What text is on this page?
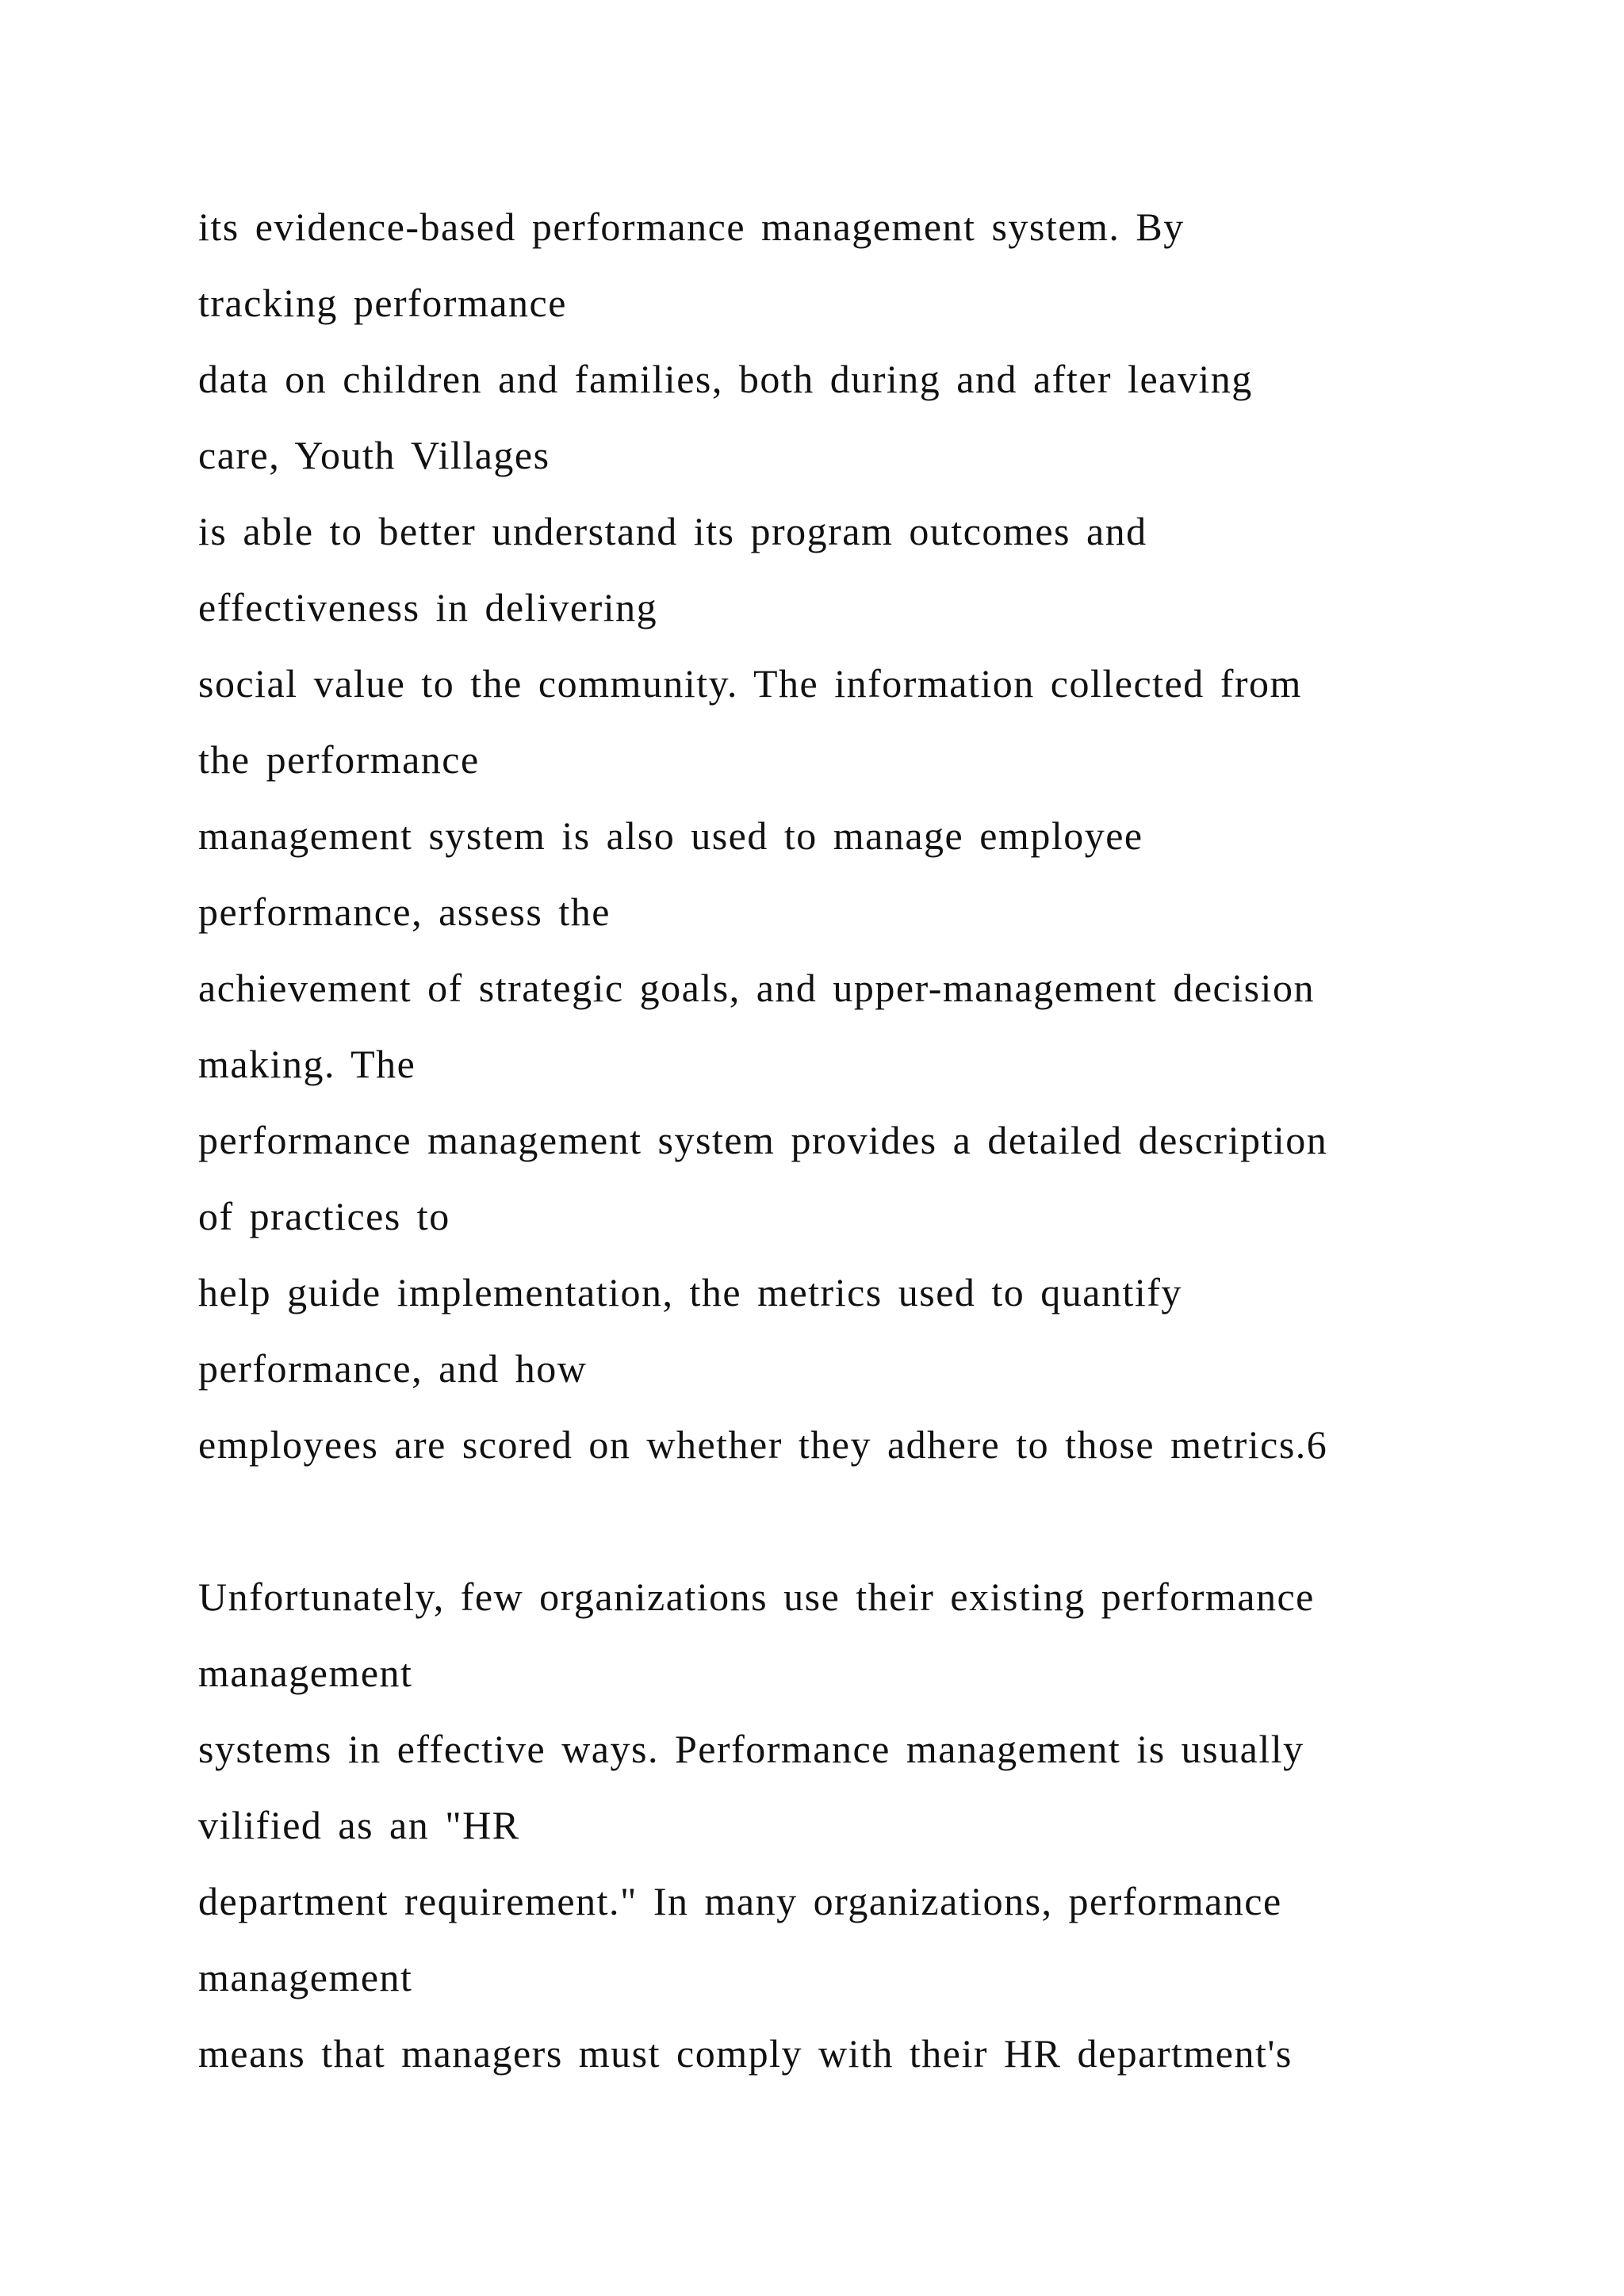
its evidence-based performance management system. By
tracking performance
data on children and families, both during and after leaving
care, Youth Villages
is able to better understand its program outcomes and
effectiveness in delivering
social value to the community. The information collected from
the performance
management system is also used to manage employee
performance, assess the
achievement of strategic goals, and upper-management decision
making. The
performance management system provides a detailed description
of practices to
help guide implementation, the metrics used to quantify
performance, and how
employees are scored on whether they adhere to those metrics.6
Unfortunately, few organizations use their existing performance
management
systems in effective ways. Performance management is usually
vilified as an "HR
department requirement." In many organizations, performance
management
means that managers must comply with their HR department's
